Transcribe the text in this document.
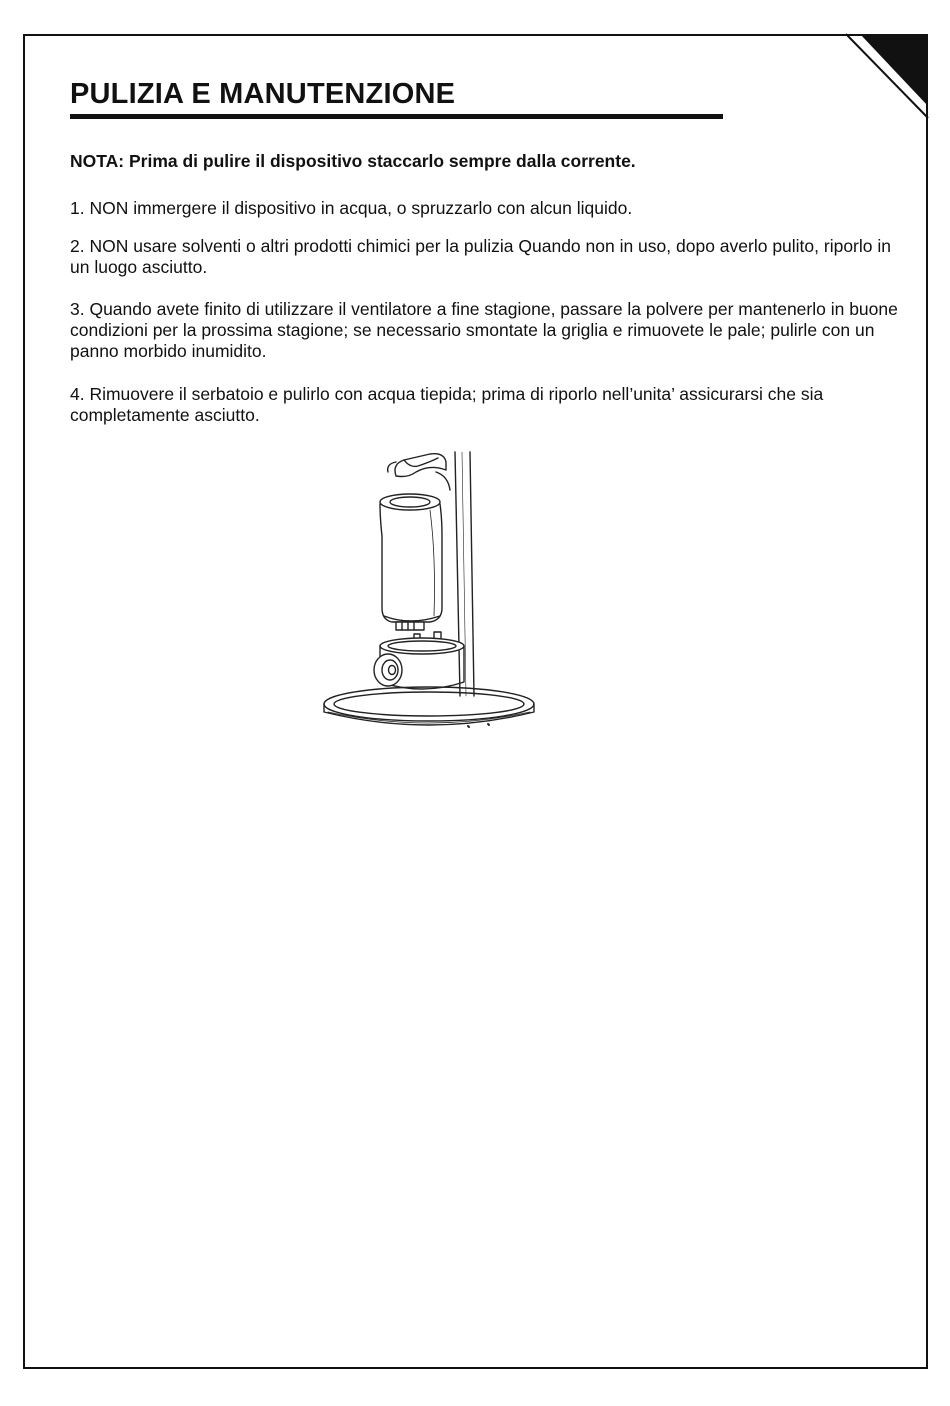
PULIZIA E MANUTENZIONE

NOTA: Prima di pulire il dispositivo staccarlo sempre dalla corrente.

1. NON immergere il dispositivo in acqua, o spruzzarlo con alcun liquido.

2. NON usare solventi o altri prodotti chimici per la pulizia Quando non in uso, dopo averlo pulito, riporlo in un luogo asciutto.

3. Quando avete finito di utilizzare il ventilatore a fine stagione, passare la polvere per mantenerlo in buone condizioni per la prossima stagione; se necessario smontate la griglia e rimuovete le pale; pulirle con un panno morbido inumidito.

4. Rimuovere il serbatoio e pulirlo con acqua tiepida; prima di riporlo nell’unita’ assicurarsi che sia completamente asciutto.
